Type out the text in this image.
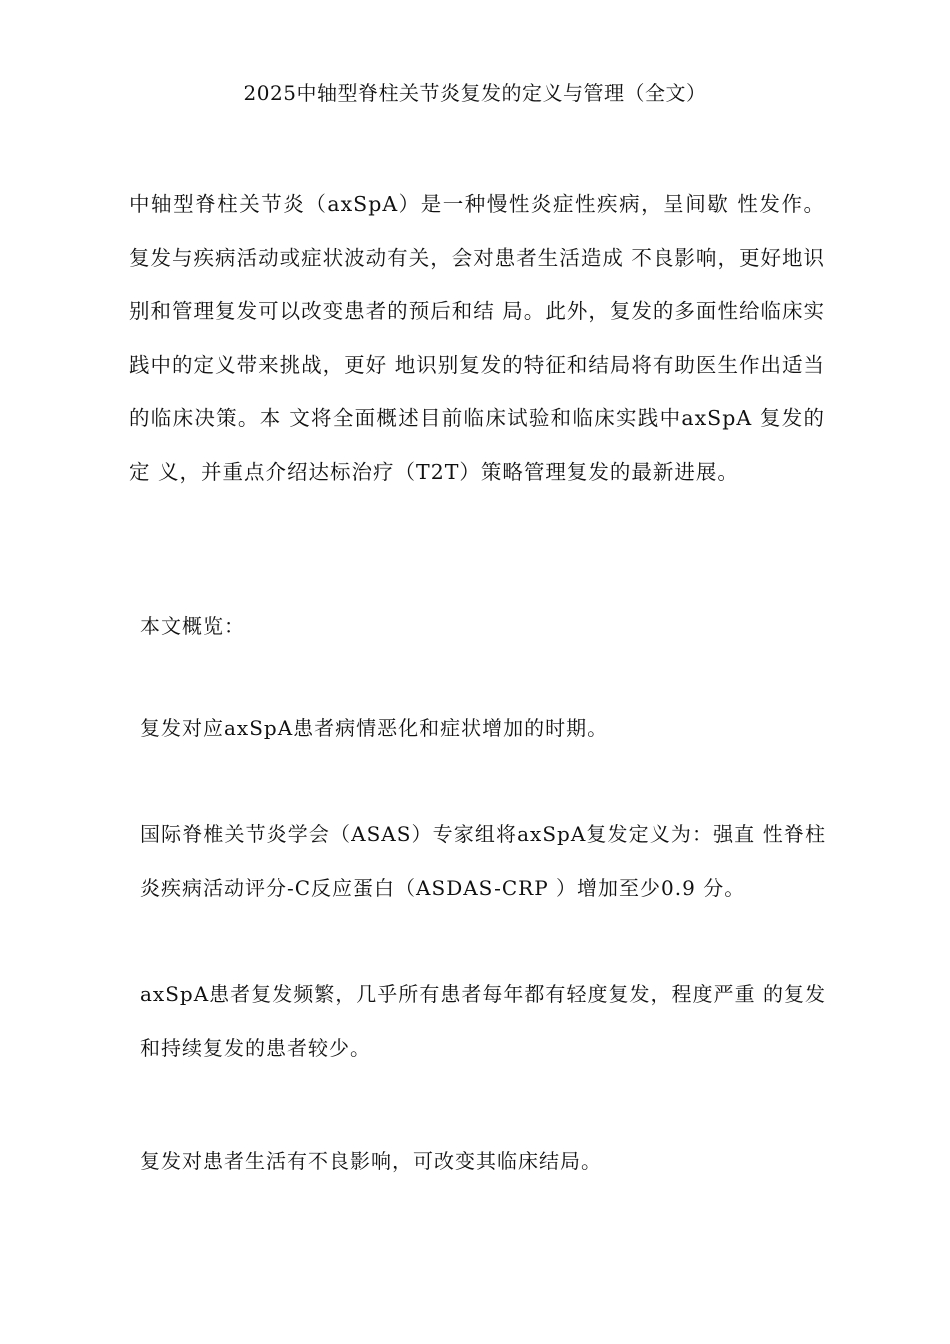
2025中轴型脊柱关节炎复发的定义与管理（全文）

中轴型脊柱关节炎（axSpA）是一种慢性炎症性疾病，呈间歇 性发作。复发与疾病活动或症状波动有关，会对患者生活造成 不良影响，更好地识别和管理复发可以改变患者的预后和结 局。此外，复发的多面性给临床实践中的定义带来挑战，更好 地识别复发的特征和结局将有助医生作出适当的临床决策。本 文将全面概述目前临床试验和临床实践中axSpA 复发的定 义，并重点介绍达标治疗（T2T）策略管理复发的最新进展。

本文概览：

复发对应axSpA患者病情恶化和症状增加的时期。

国际脊椎关节炎学会（ASAS）专家组将axSpA复发定义为：强直 性脊柱炎疾病活动评分-C反应蛋白（ASDAS-CRP ）增加至少0.9 分。

axSpA患者复发频繁，几乎所有患者每年都有轻度复发，程度严重 的复发和持续复发的患者较少。

复发对患者生活有不良影响，可改变其临床结局。
